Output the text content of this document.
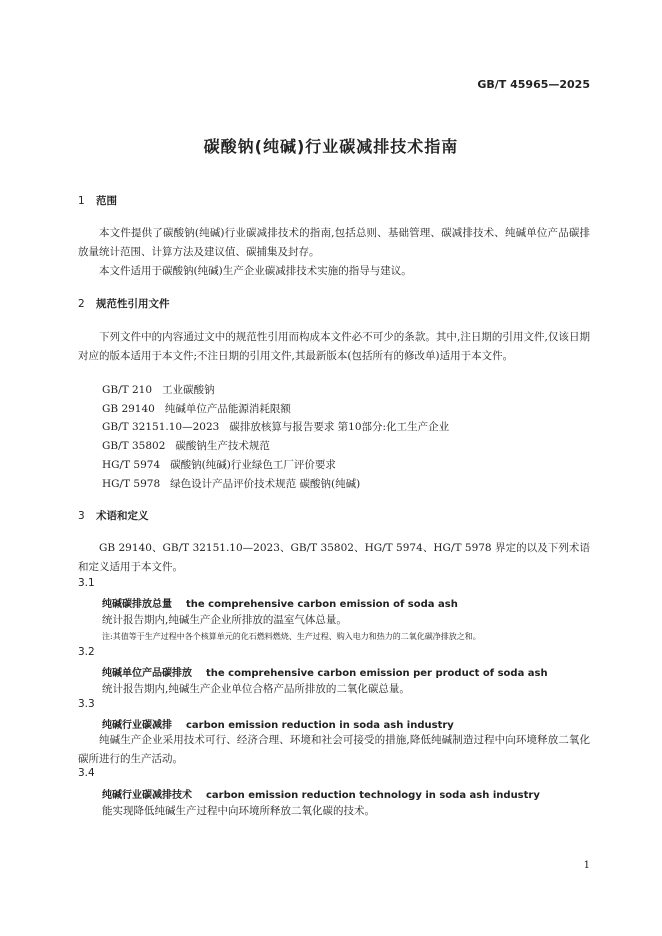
GB/T 45965—2025
碳酸钠(纯碱)行业碳减排技术指南
1 范围
本文件提供了碳酸钠(纯碱)行业碳减排技术的指南,包括总则、基础管理、碳减排技术、纯碱单位产品碳排放量统计范围、计算方法及建议值、碳捕集及封存。
本文件适用于碳酸钠(纯碱)生产企业碳减排技术实施的指导与建议。
2 规范性引用文件
下列文件中的内容通过文中的规范性引用而构成本文件必不可少的条款。其中,注日期的引用文件,仅该日期对应的版本适用于本文件;不注日期的引用文件,其最新版本(包括所有的修改单)适用于本文件。
GB/T 210 工业碳酸钠
GB 29140 纯碱单位产品能源消耗限额
GB/T 32151.10—2023 碳排放核算与报告要求 第10部分:化工生产企业
GB/T 35802 碳酸钠生产技术规范
HG/T 5974 碳酸钠(纯碱)行业绿色工厂评价要求
HG/T 5978 绿色设计产品评价技术规范 碳酸钠(纯碱)
3 术语和定义
GB 29140、GB/T 32151.10—2023、GB/T 35802、HG/T 5974、HG/T 5978 界定的以及下列术语和定义适用于本文件。
3.1
纯碱碳排放总量 the comprehensive carbon emission of soda ash
统计报告期内,纯碱生产企业所排放的温室气体总量。
注:其值等于生产过程中各个核算单元的化石燃料燃烧、生产过程、购入电力和热力的二氧化碳净排放之和。
3.2
纯碱单位产品碳排放 the comprehensive carbon emission per product of soda ash
统计报告期内,纯碱生产企业单位合格产品所排放的二氧化碳总量。
3.3
纯碱行业碳减排 carbon emission reduction in soda ash industry
纯碱生产企业采用技术可行、经济合理、环境和社会可接受的措施,降低纯碱制造过程中向环境释放二氧化碳所进行的生产活动。
3.4
纯碱行业碳减排技术 carbon emission reduction technology in soda ash industry
能实现降低纯碱生产过程中向环境所释放二氧化碳的技术。
1
